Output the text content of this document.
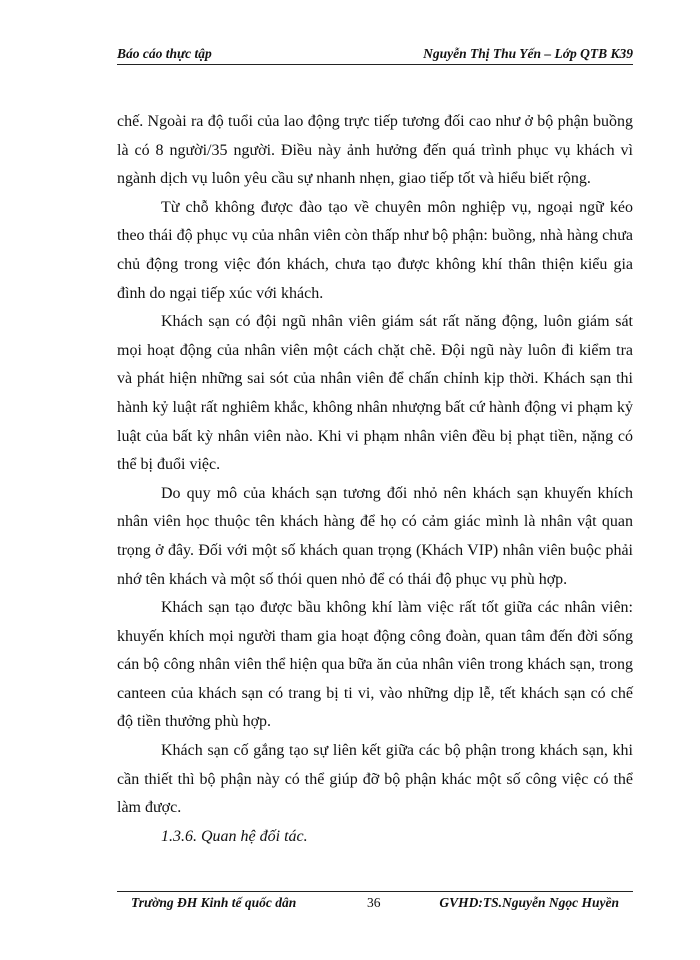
Báo cáo thực tập	Nguyễn Thị Thu Yến – Lớp QTB K39

chế. Ngoài ra độ tuổi của lao động trực tiếp tương đối cao như ở bộ phận buồng là có 8 người/35 người. Điều này ảnh hưởng đến quá trình phục vụ khách vì ngành dịch vụ luôn yêu cầu sự nhanh nhẹn, giao tiếp tốt và hiểu biết rộng.

Từ chỗ không được đào tạo về chuyên môn nghiệp vụ, ngoại ngữ kéo theo thái độ phục vụ của nhân viên còn thấp như bộ phận: buồng, nhà hàng chưa chủ động trong việc đón khách, chưa tạo được không khí thân thiện kiểu gia đình do ngại tiếp xúc với khách.

Khách sạn có đội ngũ nhân viên giám sát rất năng động, luôn giám sát mọi hoạt động của nhân viên một cách chặt chẽ. Đội ngũ này luôn đi kiểm tra và phát hiện những sai sót của nhân viên để chấn chỉnh kịp thời. Khách sạn thi hành kỷ luật rất nghiêm khắc, không nhân nhượng bất cứ hành động vi phạm kỷ luật của bất kỳ nhân viên nào. Khi vi phạm nhân viên đều bị phạt tiền, nặng có thể bị đuổi việc.

Do quy mô của khách sạn tương đối nhỏ nên khách sạn khuyến khích nhân viên học thuộc tên khách hàng để họ có cảm giác mình là nhân vật quan trọng ở đây. Đối với một số khách quan trọng (Khách VIP) nhân viên buộc phải nhớ tên khách và một số thói quen nhỏ để có thái độ phục vụ phù hợp.

Khách sạn tạo được bầu không khí làm việc rất tốt giữa các nhân viên: khuyến khích mọi người tham gia hoạt động công đoàn, quan tâm đến đời sống cán bộ công nhân viên thể hiện qua bữa ăn của nhân viên trong khách sạn, trong canteen của khách sạn có trang bị ti vi, vào những dịp lễ, tết khách sạn có chế độ tiền thưởng phù hợp.

Khách sạn cố gắng tạo sự liên kết giữa các bộ phận trong khách sạn, khi cần thiết thì bộ phận này có thể giúp đỡ bộ phận khác một số công việc có thể làm được.

1.3.6. Quan hệ đối tác.

Trường ĐH Kinh tế quốc dân	36	GVHD:TS.Nguyễn Ngọc Huyền
